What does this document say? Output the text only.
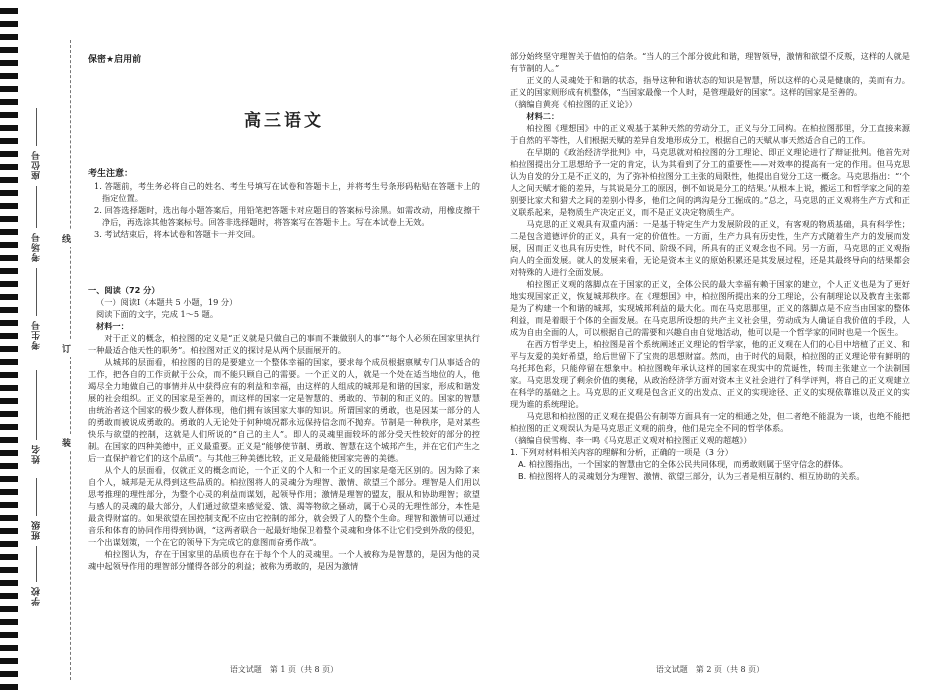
座位号
考场号
考生号
姓名
班级
学校
线
订
装
保密★启用前
高三语文

考生注意：

1. 答题前，考生务必将自己的姓名、考生号填写在试卷和答题卡上，并将考生号条形码粘贴在答题卡上的指定位置。

2. 回答选择题时，选出每小题答案后，用铅笔把答题卡对应题目的答案标号涂黑。如需改动，用橡皮擦干净后，再选涂其他答案标号。回答非选择题时，将答案写在答题卡上。写在本试卷上无效。

3. 考试结束后，将本试卷和答题卡一并交回。

一、阅读（72 分）

（一）阅读Ⅰ（本题共 5 小题，19 分）

阅读下面的文字，完成 1～5 题。

材料一：

对于正义的概念，柏拉图的定义是“正义就是只做自己的事而不兼做别人的事”“每个人必须在国家里执行一种最适合他天性的职务”。柏拉图对正义的探讨是从两个层面展开的。

从城邦的层面看，柏拉图的目的是要建立一个整体幸福的国家，要求每个成员根据禀赋专门从事适合的工作，把各自的工作贡献于公众，而不能只顾自己的需要。一个正义的人，就是一个处在适当地位的人，他竭尽全力地做自己的事情并从中获得应有的利益和幸福，由这样的人组成的城邦是和谐的国家，形成和谐发展的社会组织。正义的国家是至善的，而这样的国家一定是智慧的、勇敢的、节制的和正义的。国家的智慧由统治者这个国家的极少数人群体现，他们拥有该国家大事的知识。所谓国家的勇敢，也是因某一部分的人的勇敢而被说成勇敢的。勇敢的人无论处于何种境况都永远保持信念而不抛弃。节制是一种秩序，是对某些快乐与欲望的控制，这就是人们所说的“自己的主人”。即人的灵魂里面较坏的部分受天性较好的部分的控制。在国家的四种美德中，正义最重要。正义是“能够使节制、勇敢、智慧在这个城邦产生，并在它们产生之后一直保护着它们的这个品质”。与其他三种美德比较，正义是最能使国家完善的美德。

从个人的层面看，仅就正义的概念而论，一个正义的个人和一个正义的国家是毫无区别的。因为除了来自个人，城邦是无从得到这些品质的。柏拉图将人的灵魂分为理智、激情、欲望三个部分。理智是人们用以思考推理的理性部分，为整个心灵的利益而谋划，起领导作用；激情是理智的盟友，服从和协助理智；欲望与感人的灵魂的最大部分，人们通过欲望来感觉爱、饿、渴等物欲之骚动，属于心灵的无理性部分，本性是最贪得财富的。如果欲望在国控制支配不应由它控制的部分，就会毁了人的整个生命。理智和激情可以通过音乐和体育的协同作用得到协调，“这两者联合一起最好地保卫着整个灵魂和身体不让它们受到外敌的侵犯，一个出谋划策，一个在它的领导下为完成它的意图而奋勇作战”。

柏拉图认为，存在于国家里的品质也存在于每个个人的灵魂里。一个人被称为是智慧的，是因为他的灵魂中起领导作用的理智部分懂得各部分的利益；被称为勇敢的，是因为激情

部分始终坚守理智关于值怕的信条。“当人的三个部分彼此和谐，理智领导，激情和欲望不反叛，这样的人就是有节制的人。”

正义的人灵魂处于和谐的状态，指导这种和谐状态的知识是智慧，所以这样的心灵是健康的，美而有力。正义的国家则形成有机整体，“当国家最像一个人时，是管理最好的国家”。这样的国家是至善的。

（摘编自黄亮《柏拉图的正义论》）

材料二：

柏拉图《理想国》中的正义观基于某种天然的劳动分工，正义与分工同构。在柏拉图那里，分工直接来源于自然的平等性，人们根据天赋的差异自发地形成分工，根据自己的天赋从事天然适合自己的工作。

在早期的《政治经济学批判》中，马克思就对柏拉图的分工理论、即正义理论进行了辩证批判。他首先对柏拉图提出分工思想给予一定的肯定，认为其看到了分工的重要性——对效率的提高有一定的作用。但马克思认为自发的分工是不正义的，为了弥补柏拉图分工主张的局限性，他提出自觉分工这一概念。马克思指出：“‘个人之间天赋才能的差异，与其说是分工的原因，倒不如说是分工的结果。’从根本上说，搬运工和哲学家之间的差别要比家犬和猎犬之间的差别小得多，他们之间的鸿沟是分工掘成的。”总之，马克思的正义观将生产方式和正义联系起来，是物质生产决定正义，而不是正义决定物质生产。

马克思的正义观具有双重内涵：一是基于特定生产力发展阶段的正义，有客观的物质基础，具有科学性；二是包含道德评价的正义，具有一定的价值性。一方面，生产力具有历史性，生产方式随着生产力的发展而发展，因而正义也具有历史性，时代不同、阶级不同，所具有的正义观念也不同。另一方面，马克思的正义观指向人的全面发展。就人的发展来看，无论是资本主义的原始积累还是其发展过程，还是其最终导向的结果都会对特殊的人进行全面发展。

柏拉图正义观的落脚点在于国家的正义，全体公民的最大幸福有赖于国家的建立，个人正义也是为了更好地实现国家正义，恢复城邦秩序。在《理想国》中，柏拉图所提出来的分工理论，公有制理论以及教育主张都是为了构建一个和谐的城邦，实现城邦利益的最大化。而在马克思那里，正义的落脚点是不应当由国家的整体利益，而是着眼于个体的全面发展。在马克思所设想的共产主义社会里，劳动成为人确证自我价值的手段，人成为自由全面的人，可以根据自己的需要和兴趣自由自觉地活动，他可以是一个哲学家的同时也是一个医生。

在西方哲学史上，柏拉图是首个系统阐述正义理论的哲学家，他的正义观在人们的心目中培植了正义、和平与友爱的美好希望，给后世留下了宝贵的思想财富。然而，由于时代的局限，柏拉图的正义理论带有鲜明的乌托邦色彩，只能停留在想象中。柏拉图晚年承认这样的国家在现实中的荒诞性，转而主张建立一个法制国家。马克思发现了剩余价值的奥秘，从政治经济学方面对资本主义社会进行了科学评判，将自己的正义观建立在科学的基础之上。马克思的正义观是包含正义的出发点、正义的实现途径、正义的实现依靠谁以及正义的实现为谁的系统理论。

马克思和柏拉图的正义观在提倡公有制等方面具有一定的相通之处，但二者绝不能混为一谈，也绝不能把柏拉图的正义观误认为是马克思正义观的前身，他们是完全不同的哲学体系。

（摘编自侯雪梅、李一鸣《马克思正义观对柏拉图正义观的超越》）

1. 下列对材料相关内容的理解和分析，正确的一项是（3 分）

A. 柏拉图指出，一个国家的智慧由它的全体公民共同体现，而勇敢则属于坚守信念的群体。

B. 柏拉图将人的灵魂划分为理智、激情、欲望三部分，认为三者是相互制约、相互协助的关系。

语文试题　第 1 页（共 8 页）	语文试题　第 2 页（共 8 页）
